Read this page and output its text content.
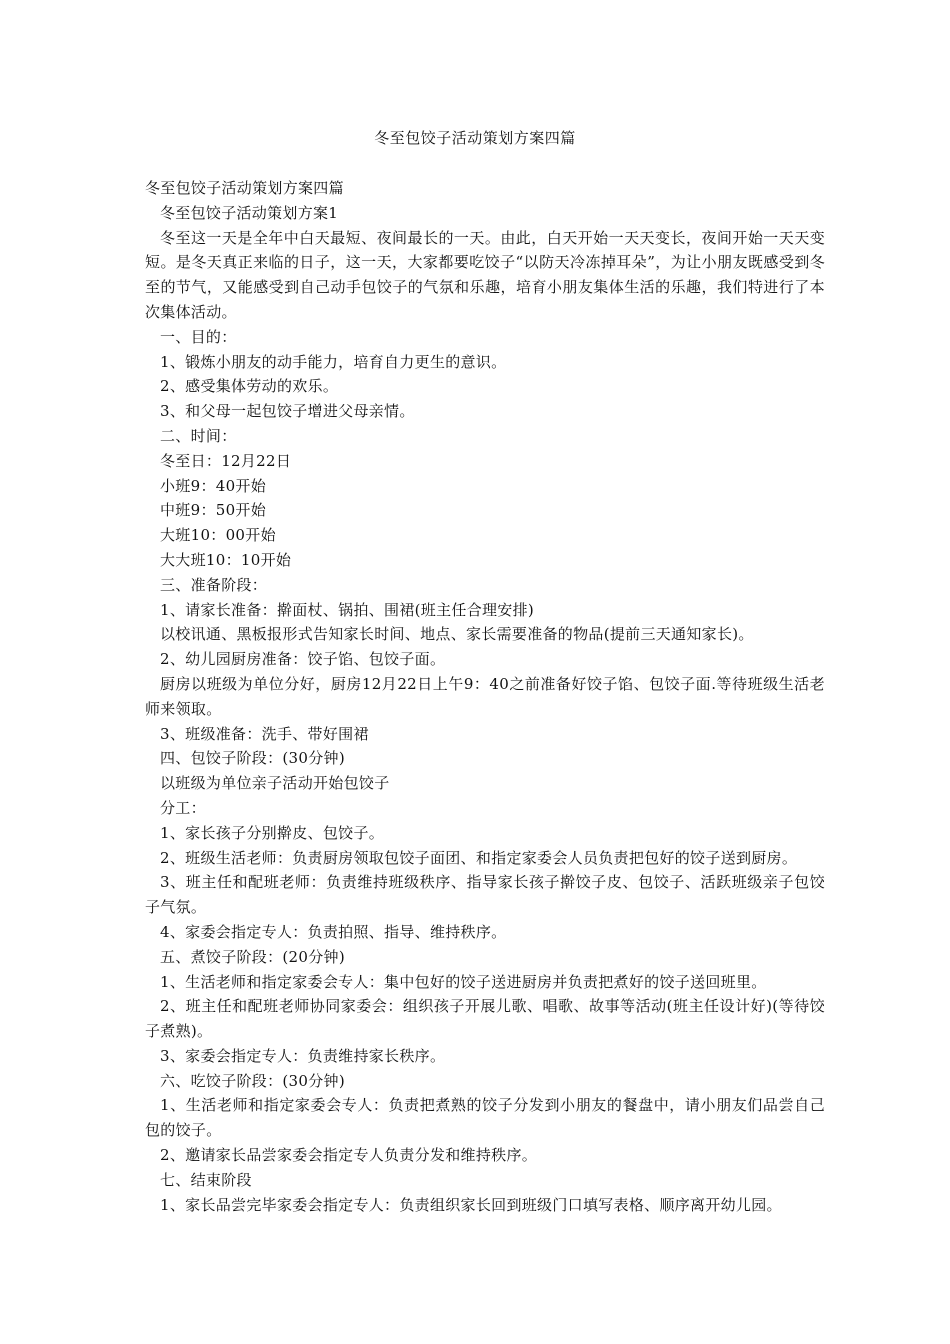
冬至包饺子活动策划方案四篇

冬至包饺子活动策划方案四篇

冬至包饺子活动策划方案1

冬至这一天是全年中白天最短、夜间最长的一天。由此，白天开始一天天变长，夜间开始一天天变短。是冬天真正来临的日子，这一天，大家都要吃饺子“以防天冷冻掉耳朵”，为让小朋友既感受到冬至的节气，又能感受到自己动手包饺子的气氛和乐趣，培育小朋友集体生活的乐趣，我们特进行了本次集体活动。

一、目的：

1、锻炼小朋友的动手能力，培育自力更生的意识。

2、感受集体劳动的欢乐。

3、和父母一起包饺子增进父母亲情。

二、时间：

冬至日：12月22日

小班9：40开始

中班9：50开始

大班10：00开始

大大班10：10开始

三、准备阶段：

1、请家长准备：擀面杖、锅拍、围裙(班主任合理安排)

以校讯通、黑板报形式告知家长时间、地点、家长需要准备的物品(提前三天通知家长)。

2、幼儿园厨房准备：饺子馅、包饺子面。

厨房以班级为单位分好，厨房12月22日上午9：40之前准备好饺子馅、包饺子面.等待班级生活老师来领取。

3、班级准备：洗手、带好围裙

四、包饺子阶段：(30分钟)

以班级为单位亲子活动开始包饺子

分工：

1、家长孩子分别擀皮、包饺子。

2、班级生活老师：负责厨房领取包饺子面团、和指定家委会人员负责把包好的饺子送到厨房。

3、班主任和配班老师：负责维持班级秩序、指导家长孩子擀饺子皮、包饺子、活跃班级亲子包饺子气氛。

4、家委会指定专人：负责拍照、指导、维持秩序。

五、煮饺子阶段：(20分钟)

1、生活老师和指定家委会专人：集中包好的饺子送进厨房并负责把煮好的饺子送回班里。

2、班主任和配班老师协同家委会：组织孩子开展儿歌、唱歌、故事等活动(班主任设计好)(等待饺子煮熟)。

3、家委会指定专人：负责维持家长秩序。

六、吃饺子阶段：(30分钟)

1、生活老师和指定家委会专人：负责把煮熟的饺子分发到小朋友的餐盘中，请小朋友们品尝自己包的饺子。

2、邀请家长品尝家委会指定专人负责分发和维持秩序。

七、结束阶段

1、家长品尝完毕家委会指定专人：负责组织家长回到班级门口填写表格、顺序离开幼儿园。
